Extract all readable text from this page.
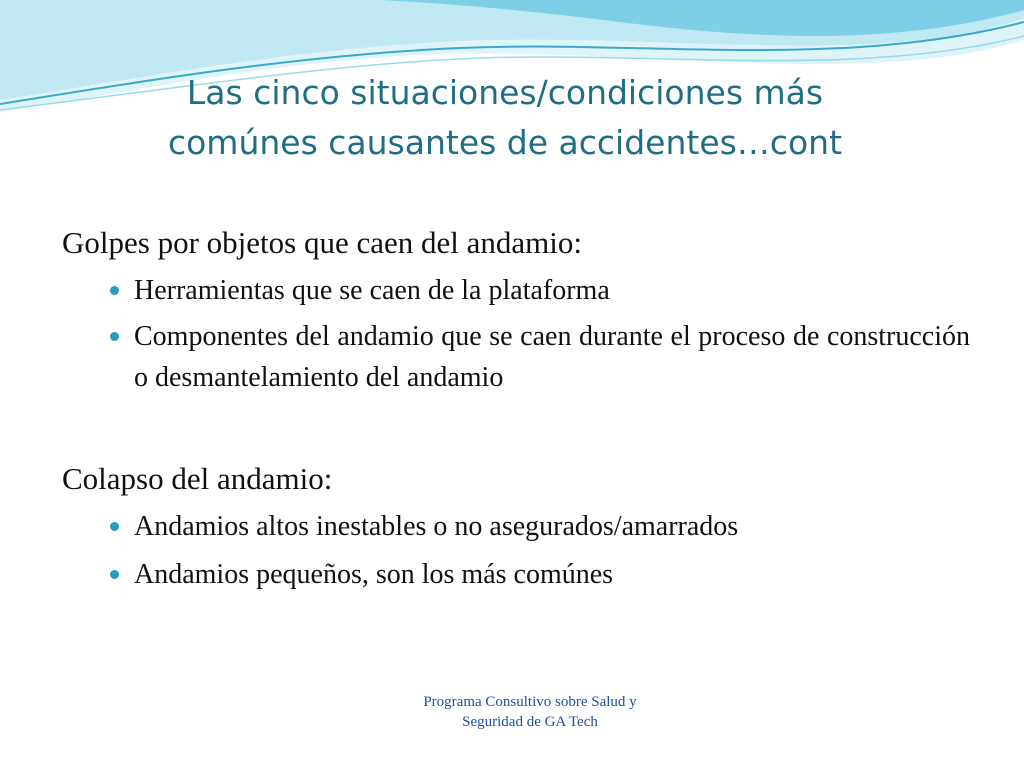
Las cinco situaciones/condiciones más
comúnes causantes de accidentes…cont

Golpes por objetos que caen del andamio:

Herramientas que se caen de la plataforma
Componentes del andamio que se caen durante el proceso de construcción o desmantelamiento del andamio

Colapso del andamio:

Andamios altos inestables o no asegurados/amarrados
Andamios pequeños, son los más comúnes
Programa Consultivo sobre Salud y
Seguridad de GA Tech
